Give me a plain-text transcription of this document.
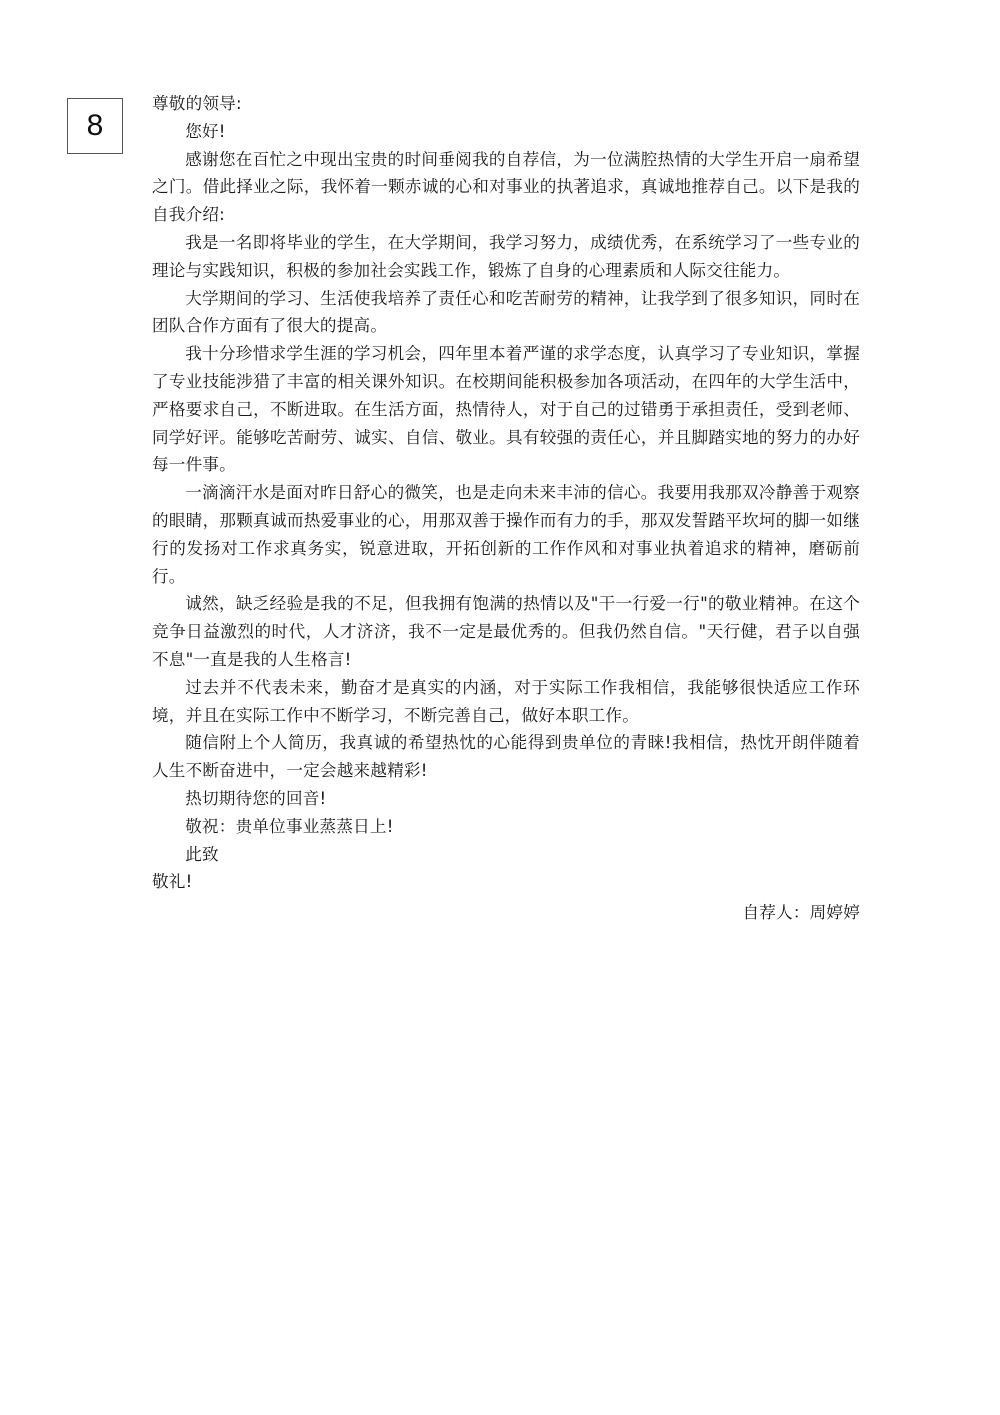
8

尊敬的领导:

您好!

感谢您在百忙之中现出宝贵的时间垂阅我的自荐信，为一位满腔热情的大学生开启一扇希望之门。借此择业之际，我怀着一颗赤诚的心和对事业的执著追求，真诚地推荐自己。以下是我的自我介绍:

我是一名即将毕业的学生，在大学期间，我学习努力，成绩优秀，在系统学习了一些专业的理论与实践知识，积极的参加社会实践工作，锻炼了自身的心理素质和人际交往能力。

大学期间的学习、生活使我培养了责任心和吃苦耐劳的精神，让我学到了很多知识，同时在团队合作方面有了很大的提高。

我十分珍惜求学生涯的学习机会，四年里本着严谨的求学态度，认真学习了专业知识，掌握了专业技能涉猎了丰富的相关课外知识。在校期间能积极参加各项活动，在四年的大学生活中，严格要求自己，不断进取。在生活方面，热情待人，对于自己的过错勇于承担责任，受到老师、同学好评。能够吃苦耐劳、诚实、自信、敬业。具有较强的责任心，并且脚踏实地的努力的办好每一件事。

一滴滴汗水是面对昨日舒心的微笑，也是走向未来丰沛的信心。我要用我那双冷静善于观察的眼睛，那颗真诚而热爱事业的心，用那双善于操作而有力的手，那双发誓踏平坎坷的脚一如继行的发扬对工作求真务实，锐意进取，开拓创新的工作作风和对事业执着追求的精神，磨砺前行。

诚然，缺乏经验是我的不足，但我拥有饱满的热情以及"干一行爱一行"的敬业精神。在这个竞争日益激烈的时代，人才济济，我不一定是最优秀的。但我仍然自信。"天行健，君子以自强不息"一直是我的人生格言!

过去并不代表未来，勤奋才是真实的内涵，对于实际工作我相信，我能够很快适应工作环境，并且在实际工作中不断学习，不断完善自己，做好本职工作。

随信附上个人简历，我真诚的希望热忱的心能得到贵单位的青睐!我相信，热忱开朗伴随着人生不断奋进中，一定会越来越精彩!

热切期待您的回音!

敬祝：贵单位事业蒸蒸日上!

此致

敬礼!

自荐人：周婷婷
